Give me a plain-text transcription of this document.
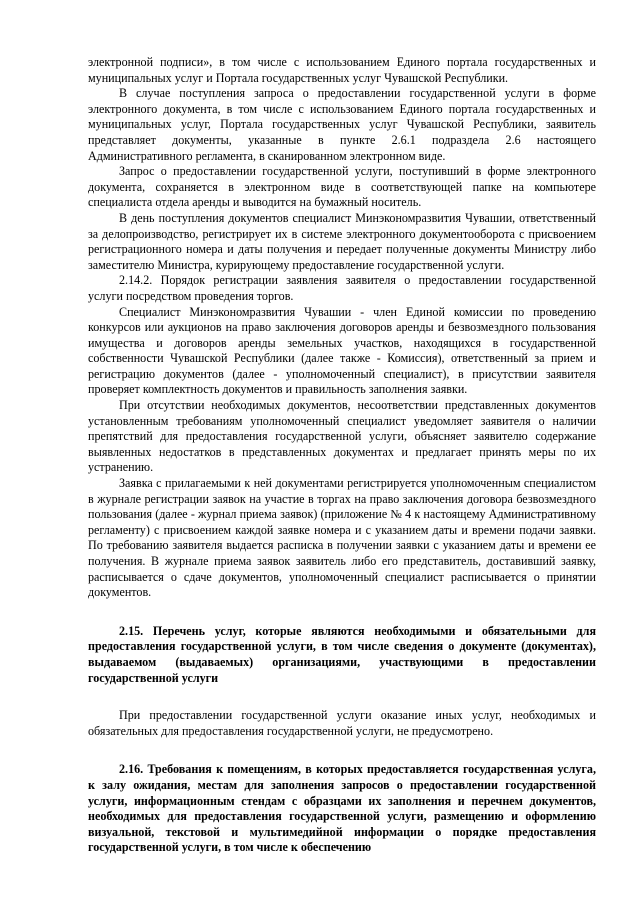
электронной подписи», в том числе с использованием Единого портала государственных и муниципальных услуг и Портала государственных услуг Чувашской Республики.

В случае поступления запроса о предоставлении государственной услуги в форме электронного документа, в том числе с использованием Единого портала государственных и муниципальных услуг, Портала государственных услуг Чувашской Республики, заявитель представляет документы, указанные в пункте 2.6.1 подраздела 2.6 настоящего Административного регламента, в сканированном электронном виде.

Запрос о предоставлении государственной услуги, поступивший в форме электронного документа, сохраняется в электронном виде в соответствующей папке на компьютере специалиста отдела аренды и выводится на бумажный носитель.

В день поступления документов специалист Минэкономразвития Чувашии, ответственный за делопроизводство, регистрирует их в системе электронного документооборота с присвоением регистрационного номера и даты получения и передает полученные документы Министру либо заместителю Министра, курирующему предоставление государственной услуги.

2.14.2. Порядок регистрации заявления заявителя о предоставлении государственной услуги посредством проведения торгов.

Специалист Минэкономразвития Чувашии - член Единой комиссии по проведению конкурсов или аукционов на право заключения договоров аренды и безвозмездного пользования имущества и договоров аренды земельных участков, находящихся в государственной собственности Чувашской Республики (далее также - Комиссия), ответственный за прием и регистрацию документов (далее - уполномоченный специалист), в присутствии заявителя проверяет комплектность документов и правильность заполнения заявки.

При отсутствии необходимых документов, несоответствии представленных документов установленным требованиям уполномоченный специалист уведомляет заявителя о наличии препятствий для предоставления государственной услуги, объясняет заявителю содержание выявленных недостатков в представленных документах и предлагает принять меры по их устранению.

Заявка с прилагаемыми к ней документами регистрируется уполномоченным специалистом в журнале регистрации заявок на участие в торгах на право заключения договора безвозмездного пользования (далее - журнал приема заявок) (приложение № 4 к настоящему Административному регламенту) с присвоением каждой заявке номера и с указанием даты и времени подачи заявки. По требованию заявителя выдается расписка в получении заявки с указанием даты и времени ее получения. В журнале приема заявок заявитель либо его представитель, доставивший заявку, расписывается о сдаче документов, уполномоченный специалист расписывается о принятии документов.

2.15. Перечень услуг, которые являются необходимыми и обязательными для предоставления государственной услуги, в том числе сведения о документе (документах), выдаваемом (выдаваемых) организациями, участвующими в предоставлении государственной услуги

При предоставлении государственной услуги оказание иных услуг, необходимых и обязательных для предоставления государственной услуги, не предусмотрено.

2.16. Требования к помещениям, в которых предоставляется государственная услуга, к залу ожидания, местам для заполнения запросов о предоставлении государственной услуги, информационным стендам с образцами их заполнения и перечнем документов, необходимых для предоставления государственной услуги, размещению и оформлению визуальной, текстовой и мультимедийной информации о порядке предоставления государственной услуги, в том числе к обеспечению
